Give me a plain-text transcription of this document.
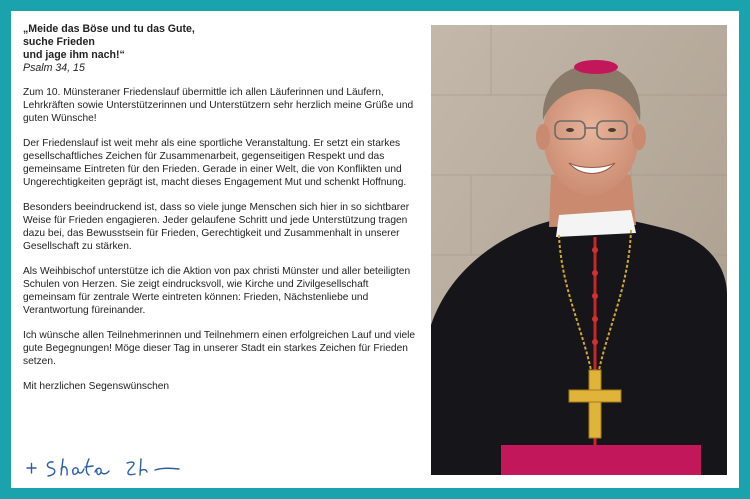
„Meide das Böse und tu das Gute,
suche Frieden
und jage ihm nach!“
Psalm 34, 15

Zum 10. Münsteraner Friedenslauf übermittle ich allen Läuferinnen und Läufern, Lehrkräften sowie Unterstützerinnen und Unterstützern sehr herzlich meine Grüße und guten Wünsche!

Der Friedenslauf ist weit mehr als eine sportliche Veranstaltung. Er setzt ein starkes gesellschaftliches Zeichen für Zusammenarbeit, gegenseitigen Respekt und das gemeinsame Eintreten für den Frieden. Gerade in einer Welt, die von Konflikten und Ungerechtigkeiten geprägt ist, macht dieses Engagement Mut und schenkt Hoffnung.

Besonders beeindruckend ist, dass so viele junge Menschen sich hier in so sichtbarer Weise für Frieden engagieren. Jeder gelaufene Schritt und jede Unterstützung tragen dazu bei, das Bewusstsein für Frieden, Gerechtigkeit und Zusammenhalt in unserer Gesellschaft zu stärken.

Als Weihbischof unterstütze ich die Aktion von pax christi Münster und aller beteiligten Schulen von Herzen. Sie zeigt eindrucksvoll, wie Kirche und Zivilgesellschaft gemeinsam für zentrale Werte eintreten können: Frieden, Nächstenliebe und Verantwortung füreinander.

Ich wünsche allen Teilnehmerinnen und Teilnehmern einen erfolgreichen Lauf und viele gute Begegnungen! Möge dieser Tag in unserer Stadt ein starkes Zeichen für Frieden setzen.

Mit herzlichen Segenswünschen
